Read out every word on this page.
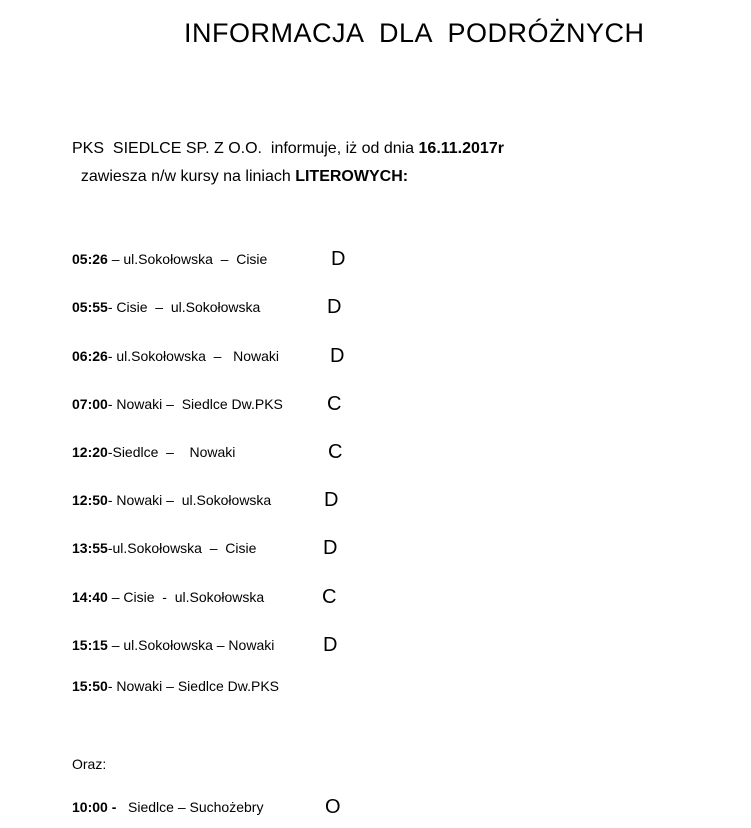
INFORMACJA  DLA  PODRÓŻNYCH

PKS  SIEDLCE SP. Z O.O.  informuje, iż od dnia 16.11.2017r  zawiesza n/w kursy na liniach LITEROWYCH:

05:26 – ul.Sokołowska  –  Cisie	D
05:55- Cisie  –  ul.Sokołowska	D
06:26- ul.Sokołowska  –   Nowaki	D
07:00- Nowaki –  Siedlce Dw.PKS C
12:20-Siedlce  –    Nowaki	C
12:50- Nowaki –  ul.Sokołowska	D
13:55-ul.Sokołowska  –  Cisie	D
14:40 – Cisie  -  ul.Sokołowska	C
15:15 – ul.Sokołowska – Nowaki D
15:50- Nowaki – Siedlce Dw.PKS
Oraz:
10:00 -   Siedlce – Suchożebry	O
